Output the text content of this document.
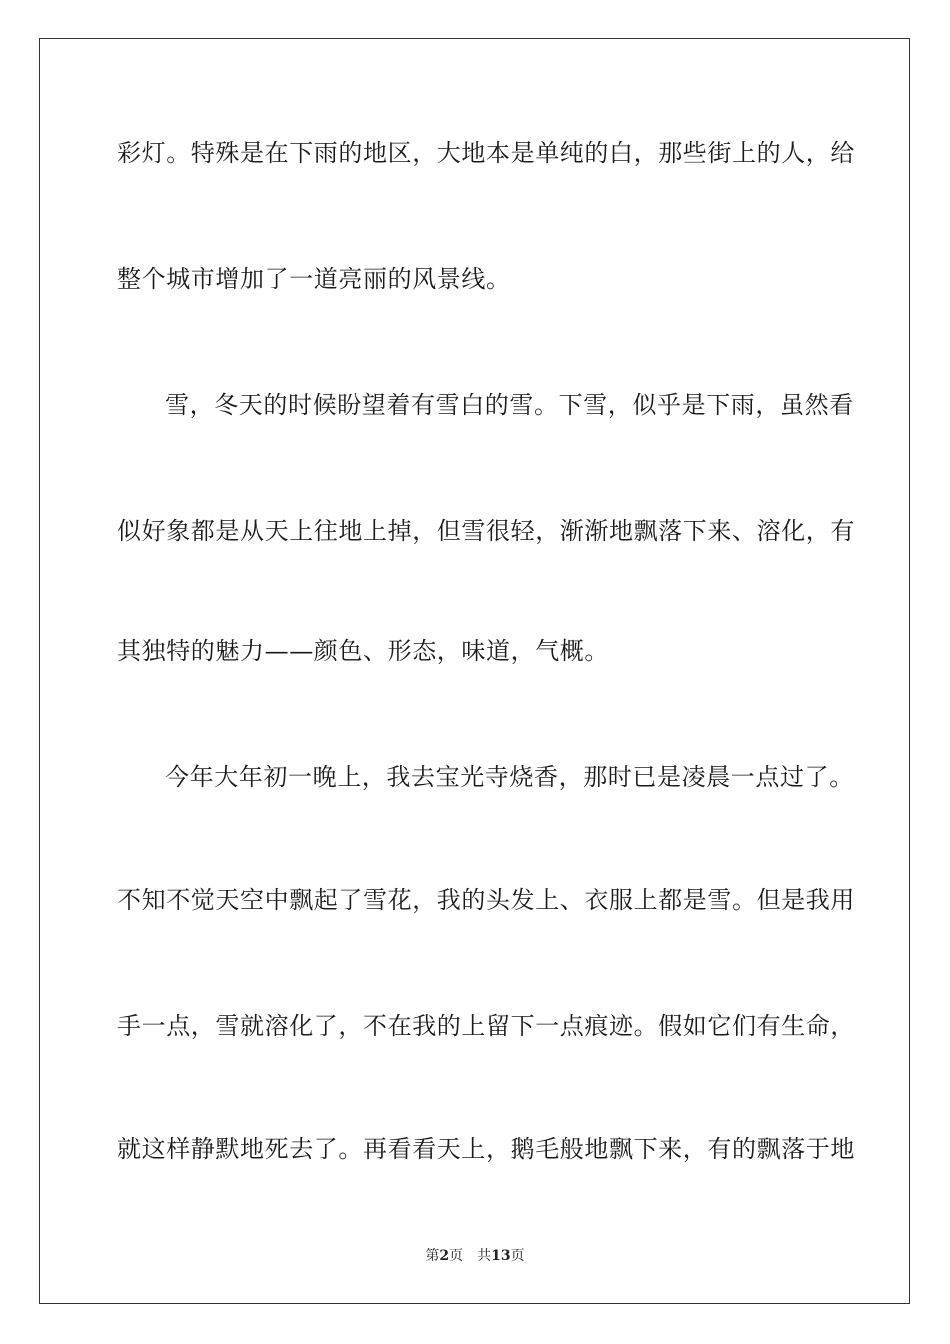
彩灯。特殊是在下雨的地区，大地本是单纯的白，那些街上的人，给
整个城市增加了一道亮丽的风景线。
雪，冬天的时候盼望着有雪白的雪。下雪，似乎是下雨，虽然看
似好象都是从天上往地上掉，但雪很轻，渐渐地飘落下来、溶化，有
其独特的魅力——颜色、形态，味道，气概。
今年大年初一晚上，我去宝光寺烧香，那时已是凌晨一点过了。
不知不觉天空中飘起了雪花，我的头发上、衣服上都是雪。但是我用
手一点，雪就溶化了，不在我的上留下一点痕迹。假如它们有生命，
就这样静默地死去了。再看看天上，鹅毛般地飘下来，有的飘落于地
第2页 共13页
